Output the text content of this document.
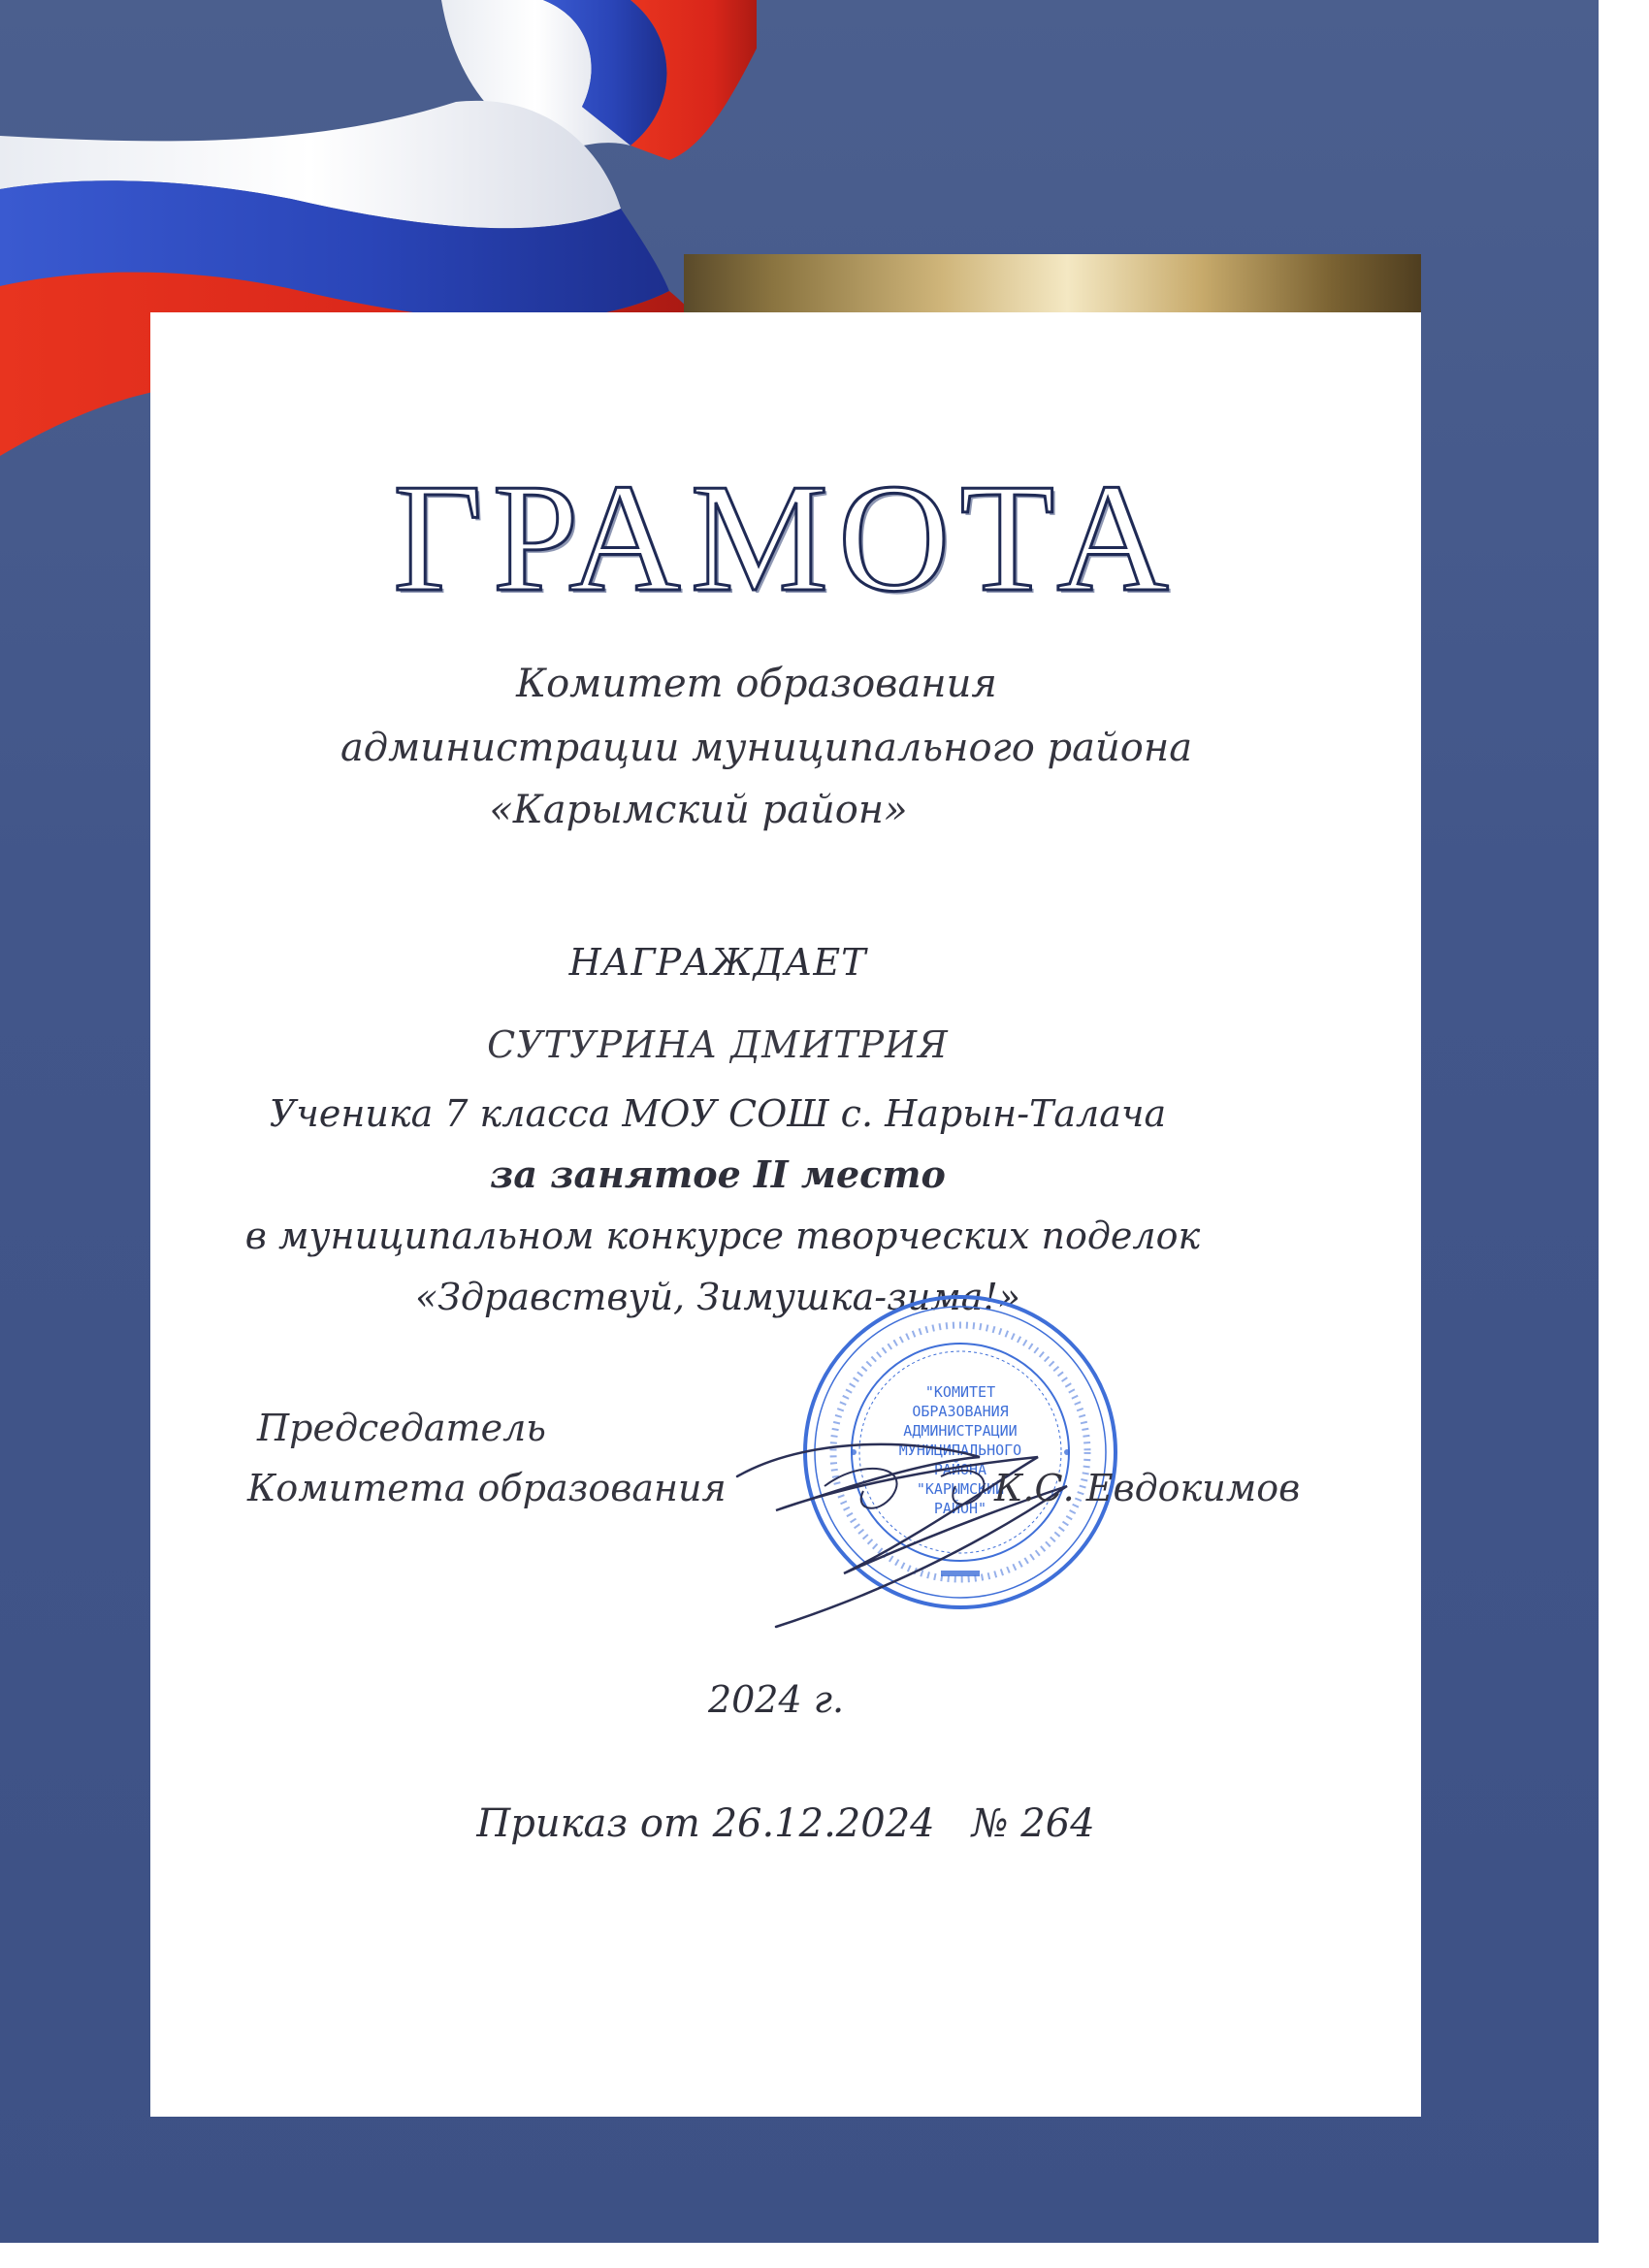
ГРАМОТА
Комитет образования
администрации муниципального района
«Карымский район»
НАГРАЖДАЕТ
СУТУРИНА ДМИТРИЯ
Ученика 7 класса МОУ СОШ с. Нарын-Талача
за занятое II место
в муниципальном конкурсе творческих поделок
«Здравствуй, Зимушка-зима!»
"КОМИТЕТ
ОБРАЗОВАНИЯ
АДМИНИСТРАЦИИ
МУНИЦИПАЛЬНОГО
РАЙОНА
"КАРЫМСКИЙ
РАЙОН"
Председатель
Комитета образования	К.С. Евдокимов
2024 г.
Приказ от 26.12.2024   № 264
